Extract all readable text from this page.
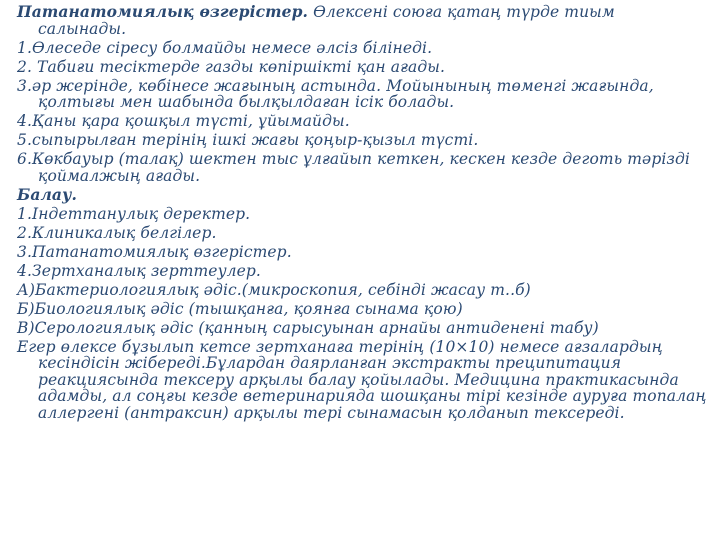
Патанатомиялық өзгерістер. Өлексені союға қатаң түрде тиым салынады.

1.Өлеседе сіресу болмайды немесе әлсіз білінеді.

2. Табиғи тесіктерде газды көпіршікті қан ағады.

3.әр жерінде, көбінесе жағының астында. Мойынының төменгі жағында, қолтығы мен шабында былқылдаған ісік болады.

4.Қаны қара қошқыл түсті, ұйымайды.

5.сыпырылған терінің ішкі жағы қоңыр-қызыл түсті.

6.Көкбауыр (талақ) шектен тыс ұлғайып кеткен, кескен кезде деготь тәрізді қоймалжың ағады.

Балау.

1.Індеттанулық деректер.

2.Клиникалық белгілер.

3.Патанатомиялық өзгерістер.

4.Зертханалық зерттеулер.

А)Бактериологиялық әдіс.(микроскопия, себінді жасау т..б)

Б)Биологиялық әдіс (тышқанға, қоянға сынама қою)

В)Серологиялық әдіс (қанның сарысуынан арнайы антиденені табу)

Егер өлексе бұзылып кетсе зертханаға терінің (10×10) немесе ағзалардың кесіндісін жібереді.Бұлардан даярланған экстракты преципитация реакциясында тексеру арқылы балау қойылады. Медицина практикасында адамды, ал соңғы кезде ветеринарияда шошқаны тірі кезінде ауруға топалаң аллергені (антраксин) арқылы тері сынамасын қолданып тексереді.
